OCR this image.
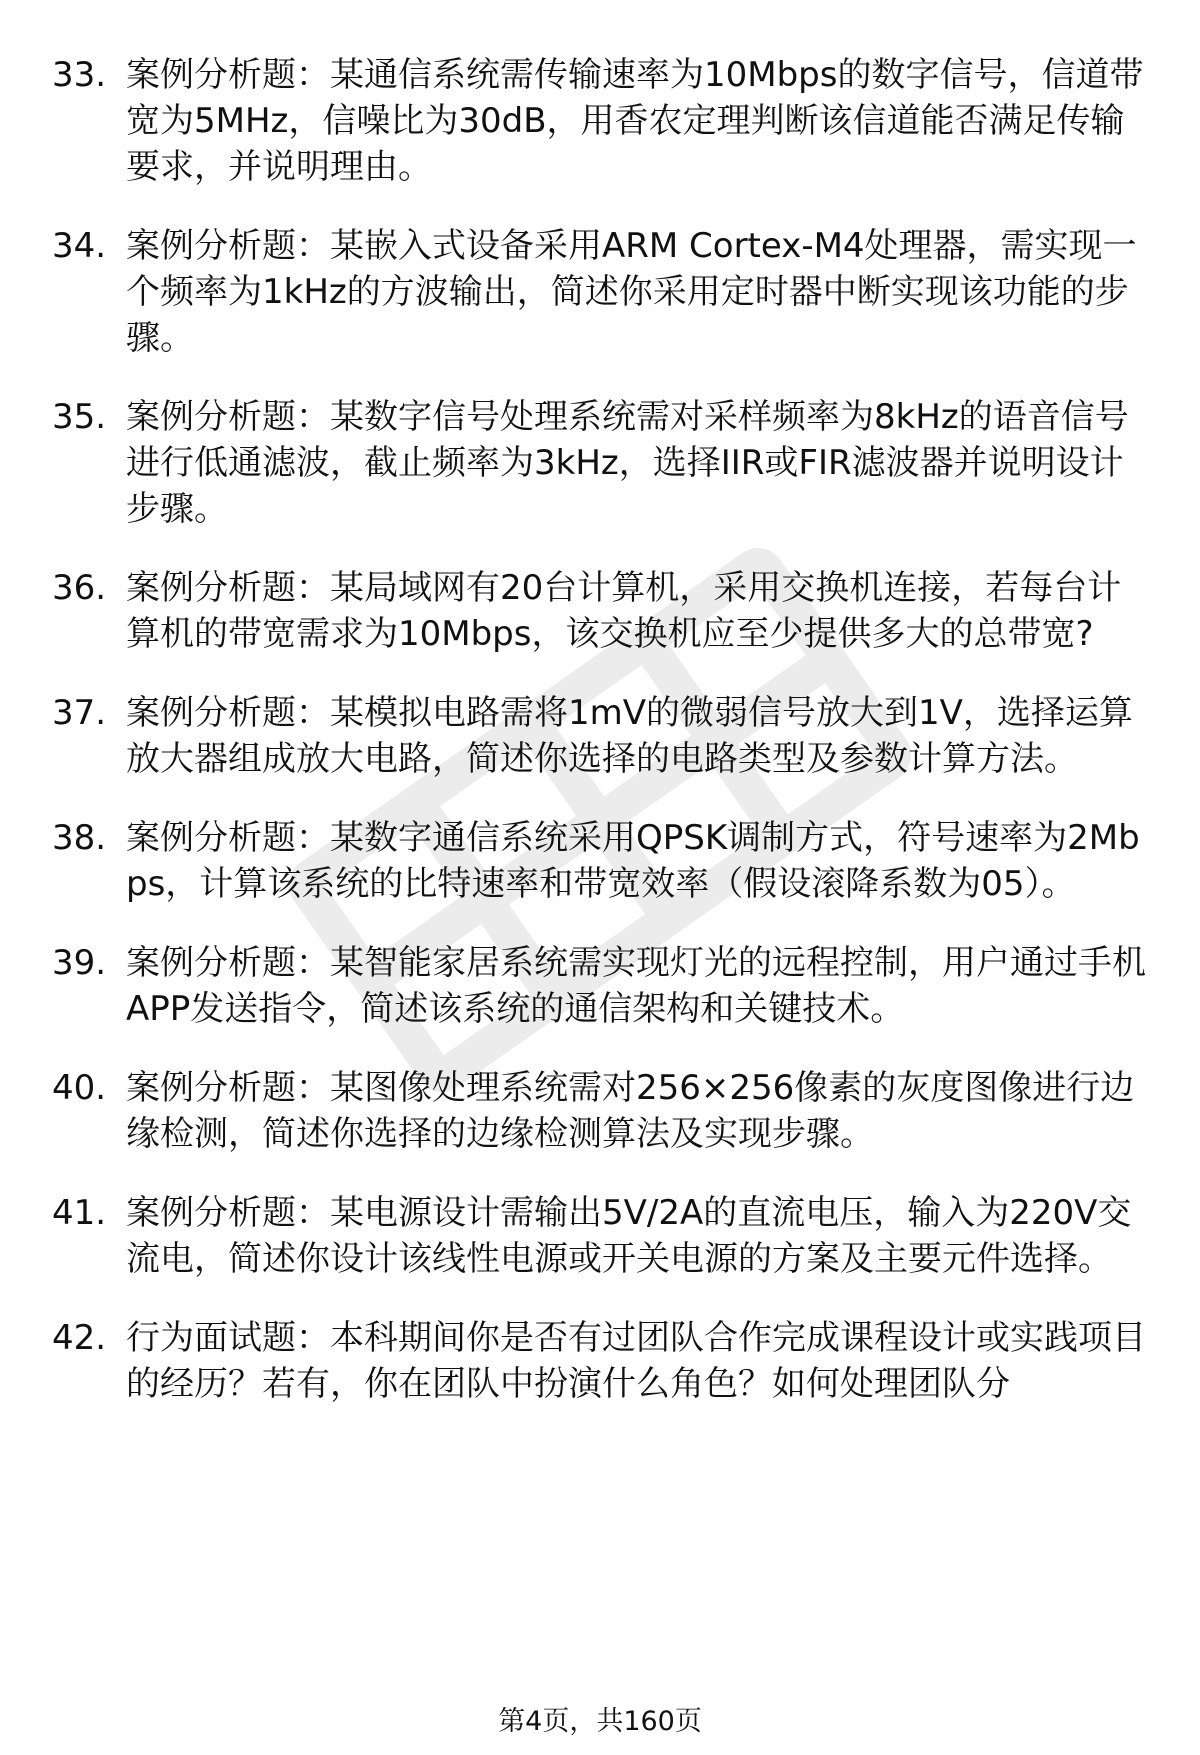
33. 案例分析题：某通信系统需传输速率为10Mbps的数字信号，信道带宽为5MHz，信噪比为30dB，用香农定理判断该信道能否满足传输要求，并说明理由。
34. 案例分析题：某嵌入式设备采用ARM Cortex-M4处理器，需实现一个频率为1kHz的方波输出，简述你采用定时器中断实现该功能的步骤。
35. 案例分析题：某数字信号处理系统需对采样频率为8kHz的语音信号进行低通滤波，截止频率为3kHz，选择IIR或FIR滤波器并说明设计步骤。
36. 案例分析题：某局域网有20台计算机，采用交换机连接，若每台计算机的带宽需求为10Mbps，该交换机应至少提供多大的总带宽?
37. 案例分析题：某模拟电路需将1mV的微弱信号放大到1V，选择运算放大器组成放大电路，简述你选择的电路类型及参数计算方法。
38. 案例分析题：某数字通信系统采用QPSK调制方式，符号速率为2Mbps，计算该系统的比特速率和带宽效率（假设滚降系数为05）。
39. 案例分析题：某智能家居系统需实现灯光的远程控制，用户通过手机APP发送指令，简述该系统的通信架构和关键技术。
40. 案例分析题：某图像处理系统需对256×256像素的灰度图像进行边缘检测，简述你选择的边缘检测算法及实现步骤。
41. 案例分析题：某电源设计需输出5V/2A的直流电压，输入为220V交流电，简述你设计该线性电源或开关电源的方案及主要元件选择。
42. 行为面试题：本科期间你是否有过团队合作完成课程设计或实践项目的经历？若有，你在团队中扮演什么角色？如何处理团队分
第4页，共160页
